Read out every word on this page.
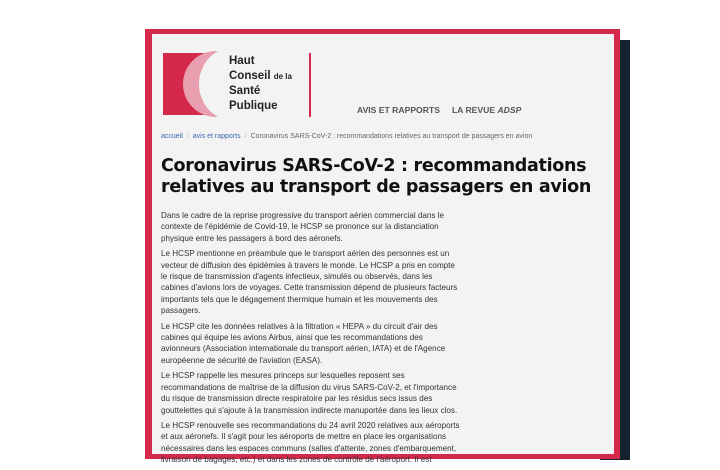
Haut
Conseil de la
Santé
Publique	AVIS ET RAPPORTS LA REVUE ADSP
accueil / avis et rapports / Coronavirus SARS-CoV-2 : recommandations relatives au transport de passagers en avion
Coronavirus SARS-CoV-2 : recommandations relatives au transport de passagers en avion

Dans le cadre de la reprise progressive du transport aérien commercial dans le contexte de l'épidémie de Covid-19, le HCSP se prononce sur la distanciation physique entre les passagers à bord des aéronefs.

Le HCSP mentionne en préambule que le transport aérien des personnes est un vecteur de diffusion des épidémies à travers le monde. Le HCSP a pris en compte le risque de transmission d'agents infectieux, simulés ou observés, dans les cabines d'avions lors de voyages. Cette transmission dépend de plusieurs facteurs importants tels que le dégagement thermique humain et les mouvements des passagers.

Le HCSP cite les données relatives à la filtration « HEPA » du circuit d'air des cabines qui équipe les avions Airbus, ainsi que les recommandations des avionneurs (Association internationale du transport aérien, IATA) et de l'Agence européenne de sécurité de l'aviation (EASA).

Le HCSP rappelle les mesures princeps sur lesquelles reposent ses recommandations de maîtrise de la diffusion du virus SARS-CoV-2, et l'importance du risque de transmission directe respiratoire par les résidus secs issus des gouttelettes qui s'ajoute à la transmission indirecte manuportée dans les lieux clos.

Le HCSP renouvelle ses recommandations du 24 avril 2020 relatives aux aéroports et aux aéronefs. Il s'agit pour les aéroports de mettre en place les organisations nécessaires dans les espaces communs (salles d'attente, zones d'embarquement, livraison de bagages, etc.) et dans les zones de contrôle de l'aéroport. Il est
